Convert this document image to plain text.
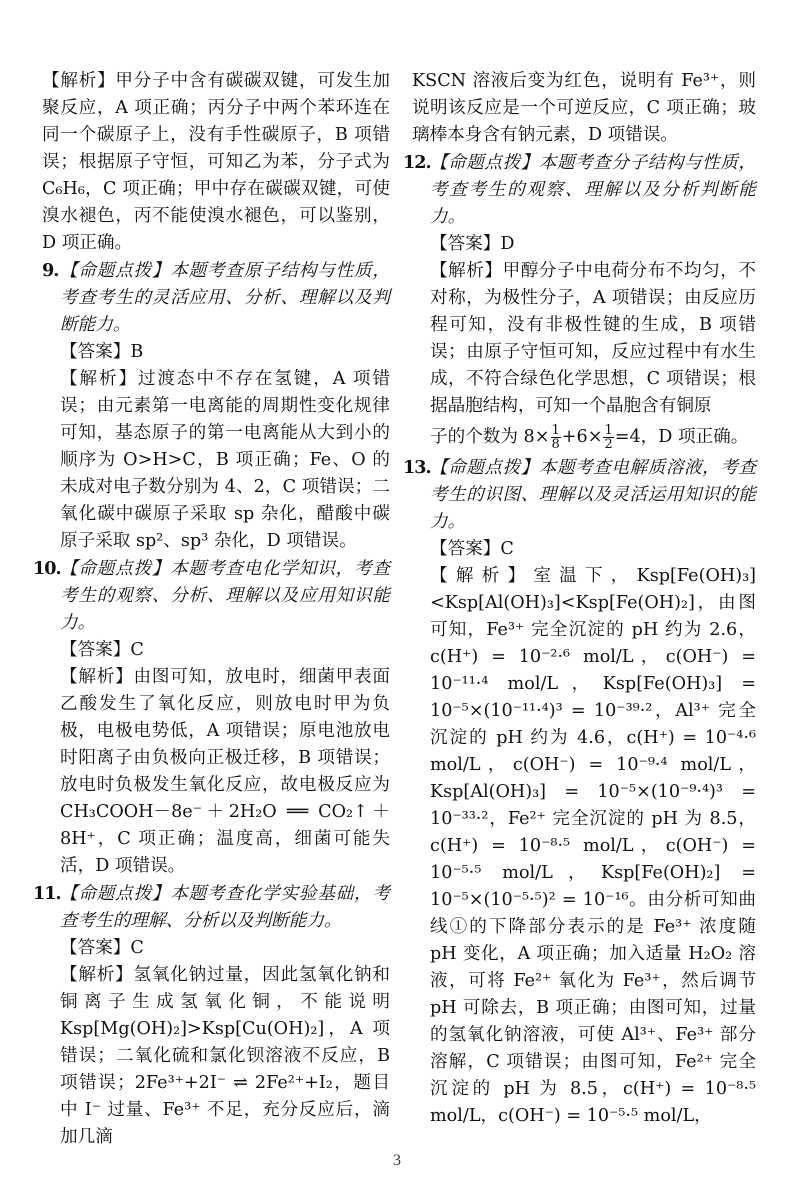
【解析】甲分子中含有碳碳双键，可发生加聚反应，A 项正确；丙分子中两个苯环连在同一个碳原子上，没有手性碳原子，B 项错误；根据原子守恒，可知乙为苯，分子式为 C₆H₆，C 项正确；甲中存在碳碳双键，可使溴水褪色，丙不能使溴水褪色，可以鉴别，D 项正确。

9. 【命题点拨】本题考查原子结构与性质，考查考生的灵活应用、分析、理解以及判断能力。

【答案】B

【解析】过渡态中不存在氢键，A 项错误；由元素第一电离能的周期性变化规律可知，基态原子的第一电离能从大到小的顺序为 O>H>C，B 项正确；Fe、O 的未成对电子数分别为 4、2，C 项错误；二氧化碳中碳原子采取 sp 杂化，醋酸中碳原子采取 sp²、sp³ 杂化，D 项错误。

10. 【命题点拨】本题考查电化学知识，考查考生的观察、分析、理解以及应用知识能力。

【答案】C

【解析】由图可知，放电时，细菌甲表面乙酸发生了氧化反应，则放电时甲为负极，电极电势低，A 项错误；原电池放电时阳离子由负极向正极迁移，B 项错误；放电时负极发生氧化反应，故电极反应为 CH₃COOH－8e⁻＋2H₂O ══ CO₂↑＋8H⁺，C 项正确；温度高，细菌可能失活，D 项错误。

11. 【命题点拨】本题考查化学实验基础，考查考生的理解、分析以及判断能力。

【答案】C

【解析】氢氧化钠过量，因此氢氧化钠和铜离子生成氢氧化铜，不能说明 Ksp[Mg(OH)₂]>Ksp[Cu(OH)₂]，A 项错误；二氧化硫和氯化钡溶液不反应，B 项错误；2Fe³⁺+2I⁻ ⇌ 2Fe²⁺+I₂，题目中 I⁻ 过量、Fe³⁺ 不足，充分反应后，滴加几滴

KSCN 溶液后变为红色，说明有 Fe³⁺，则说明该反应是一个可逆反应，C 项正确；玻璃棒本身含有钠元素，D 项错误。

12. 【命题点拨】本题考查分子结构与性质，考查考生的观察、理解以及分析判断能力。

【答案】D

【解析】甲醇分子中电荷分布不均匀，不对称，为极性分子，A 项错误；由反应历程可知，没有非极性键的生成，B 项错误；由原子守恒可知，反应过程中有水生成，不符合绿色化学思想，C 项错误；根据晶胞结构，可知一个晶胞含有铜原

子的个数为 $8\times \frac{1}{8} +6\times \frac{1}{2} =4$，D 项正确。

13. 【命题点拨】本题考查电解质溶液，考查考生的识图、理解以及灵活运用知识的能力。

【答案】C

【解析】室温下，Ksp[Fe(OH)₃]<Ksp[Al(OH)₃]<Ksp[Fe(OH)₂]，由图可知，Fe³⁺ 完全沉淀的 pH 约为 2.6，c(H⁺) = 10⁻²·⁶ mol/L，c(OH⁻) = 10⁻¹¹·⁴ mol/L，Ksp[Fe(OH)₃] = 10⁻⁵×(10⁻¹¹·⁴)³ = 10⁻³⁹·²，Al³⁺ 完全沉淀的 pH 约为 4.6，c(H⁺) = 10⁻⁴·⁶ mol/L，c(OH⁻) = 10⁻⁹·⁴ mol/L，Ksp[Al(OH)₃] = 10⁻⁵×(10⁻⁹·⁴)³ = 10⁻³³·²，Fe²⁺ 完全沉淀的 pH 为 8.5，c(H⁺) = 10⁻⁸·⁵ mol/L，c(OH⁻) = 10⁻⁵·⁵ mol/L，Ksp[Fe(OH)₂] = 10⁻⁵×(10⁻⁵·⁵)² = 10⁻¹⁶。由分析可知曲线①的下降部分表示的是 Fe³⁺ 浓度随 pH 变化，A 项正确；加入适量 H₂O₂ 溶液，可将 Fe²⁺ 氧化为 Fe³⁺，然后调节 pH 可除去，B 项正确；由图可知，过量的氢氧化钠溶液，可使 Al³⁺、Fe³⁺ 部分溶解，C 项错误；由图可知，Fe²⁺ 完全沉淀的 pH 为 8.5，c(H⁺) = 10⁻⁸·⁵ mol/L，c(OH⁻) = 10⁻⁵·⁵ mol/L，

3
